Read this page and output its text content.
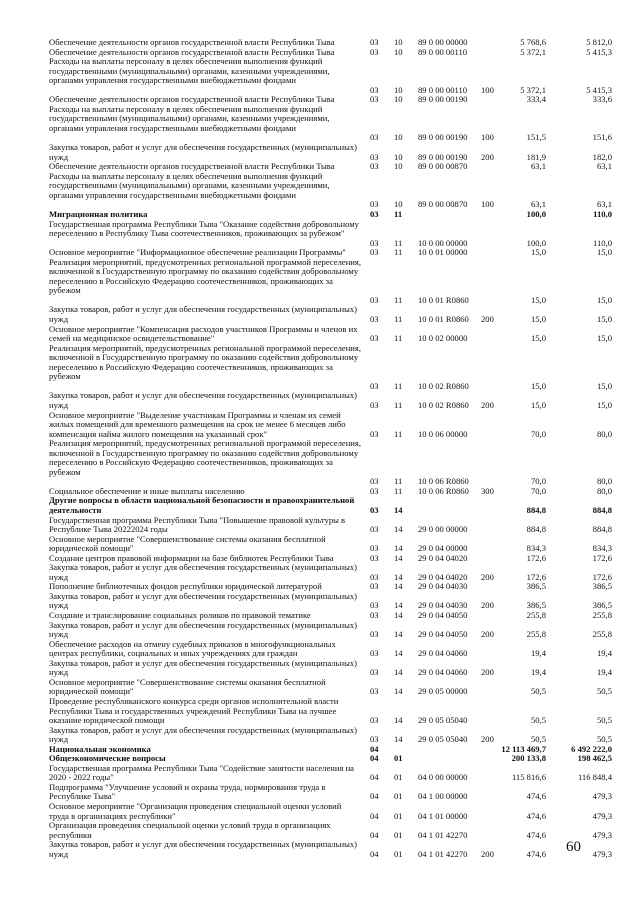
Обеспечение деятельности органов государственной власти Республики Тыва	03 10 89 0 00 00000	5 768,6	5 812,0
Обеспечение деятельности органов государственной власти Республики Тыва	03 10 89 0 00 00110	5 372,1	5 415,3
Расходы на выплаты персоналу в целях обеспечения выполнения функций государственными (муниципальными) органами, казенными учреждениями, органами управления государственными внебюджетными фондами
03 10 89 0 00 00110 100	5 372,1	5 415,3
Обеспечение деятельности органов государственной власти Республики Тыва	03 10 89 0 00 00190	333,4	333,6
Расходы на выплаты персоналу в целях обеспечения выполнения функций государственными (муниципальными) органами, казенными учреждениями, органами управления государственными внебюджетными фондами
03 10 89 0 00 00190 100	151,5	151,6
Закупка товаров, работ и услуг для обеспечения государственных (муниципальных) нужд	03 10 89 0 00 00190 200	181,9	182,0
Обеспечение деятельности органов государственной власти Республики Тыва	03 10 89 0 00 00870	63,1	63,1
Расходы на выплаты персоналу в целях обеспечения выполнения функций государственными (муниципальными) органами, казенными учреждениями, органами управления государственными внебюджетными фондами
03 10 89 0 00 00870 100	63,1	63,1
Миграционная политика	03 11	100,0	110,0
Государственная программа Республики Тыва "Оказание содействия добровольному переселению в Республику Тыва соотечественников, проживающих за рубежом"
03 11 10 0 00 00000	100,0	110,0
Основное мероприятие "Информационное обеспечение реализации Программы"	03 11 10 0 01 00000	15,0	15,0
Реализация мероприятий, предусмотренных региональной программой переселения, включенной в Государственную программу по оказанию содействия добровольному переселению в Российскую Федерацию соотечественников, проживающих за рубежом
03 11 10 0 01 R0860	15,0	15,0
Закупка товаров, работ и услуг для обеспечения государственных (муниципальных) нужд	03 11 10 0 01 R0860 200	15,0	15,0
Основное мероприятие "Компенсация расходов участников Программы и членов их семей на медицинское освидетельствование"	03 11 10 0 02 00000	15,0	15,0
Реализация мероприятий, предусмотренных региональной программой переселения, включенной в Государственную программу по оказанию содействия добровольному переселению в Российскую Федерацию соотечественников, проживающих за рубежом
03 11 10 0 02 R0860	15,0	15,0
Закупка товаров, работ и услуг для обеспечения государственных (муниципальных) нужд	03 11 10 0 02 R0860 200	15,0	15,0
Основное мероприятие "Выделение участникам Программы и членам их семей жилых помещений для временного размещения на срок не менее 6 месяцев либо компенсация найма жилого помещения на указанный срок"	03 11 10 0 06 00000	70,0	80,0
Реализация мероприятий, предусмотренных региональной программой переселения, включенной в Государственную программу по оказанию содействия добровольному переселению в Российскую Федерацию соотечественников, проживающих за рубежом
03 11 10 0 06 R0860	70,0	80,0
Социальное обеспечение и иные выплаты населению	03 11 10 0 06 R0860 300	70,0	80,0
Другие вопросы в области национальной безопасности и правоохранительной деятельности	03 14	884,8	884,8
Государственная программа Республики Тыва "Повышение правовой культуры в Республике Тыва 20222024 годы	03 14 29 0 00 00000	884,8	884,8
Основное мероприятие "Совершенствование системы оказания бесплатной юридической помощи"	03 14 29 0 04 00000	834,3	834,3
Создание центров правовой информации на базе библиотек Республики Тыва	03 14 29 0 04 04020	172,6	172,6
Закупка товаров, работ и услуг для обеспечения государственных (муниципальных) нужд	03 14 29 0 04 04020 200	172,6	172,6
Пополнение библиотечных фондов республики юридической литературой	03 14 29 0 04 04030	386,5	386,5
Закупка товаров, работ и услуг для обеспечения государственных (муниципальных) нужд	03 14 29 0 04 04030 200	386,5	386,5
Создание и транслирование социальных роликов по правовой тематике	03 14 29 0 04 04050	255,8	255,8
Закупка товаров, работ и услуг для обеспечения государственных (муниципальных) нужд	03 14 29 0 04 04050 200	255,8	255,8
Обеспечение расходов на отмену судебных приказов в многофункциональных центрах республики, социальных и иных учреждениях для граждан	03 14 29 0 04 04060	19,4	19,4
Закупка товаров, работ и услуг для обеспечения государственных (муниципальных) нужд	03 14 29 0 04 04060 200	19,4	19,4
Основное мероприятие "Совершенствование системы оказания бесплатной юридической помощи"	03 14 29 0 05 00000	50,5	50,5
Проведение республиканского конкурса среди органов исполнительной власти Республики Тыва и государственных учреждений Республики Тыва на лучшее оказание юридической помощи	03 14 29 0 05 05040	50,5	50,5
Закупка товаров, работ и услуг для обеспечения государственных (муниципальных) нужд	03 14 29 0 05 05040 200	50,5	50,5
Национальная экономика	04	12 113 469,7	6 492 222,0
Общеэкономические вопросы	04 01	200 133,8	198 462,5
Государственная программа Республики Тыва "Содействие занятости населения на 2020 - 2022 годы"	04 01 04 0 00 00000	115 816,6	116 848,4
Подпрограмма "Улучшение условий и охраны труда, нормирования труда в Республике Тыва"	04 01 04 1 00 00000	474,6	479,3
Основное мероприятие "Организация проведения специальной оценки условий труда в организациях республики"	04 01 04 1 01 00000	474,6	479,3
Организация проведения специальной оценки условий труда в организациях республики	04 01 04 1 01 42270	474,6	479,3
Закупка товаров, работ и услуг для обеспечения государственных (муниципальных) нужд	04 01 04 1 01 42270 200	474,6	479,3
60
